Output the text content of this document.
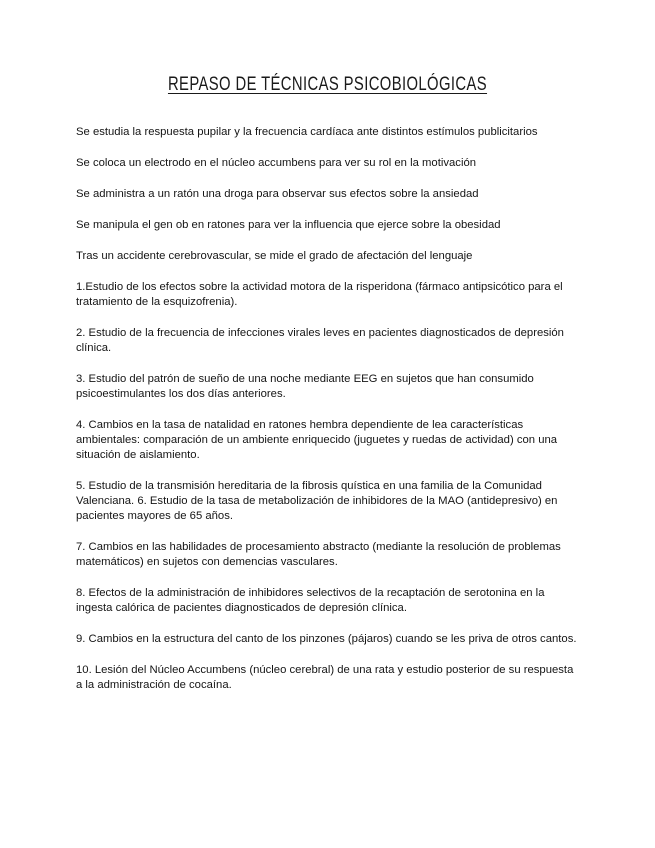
REPASO DE TÉCNICAS PSICOBIOLÓGICAS

Se estudia la respuesta pupilar y la frecuencia cardíaca ante distintos estímulos publicitarios

Se coloca un electrodo en el núcleo accumbens para ver su rol en la motivación

Se administra a un ratón una droga para observar sus efectos sobre la ansiedad

Se manipula el gen ob en ratones para ver la influencia que ejerce sobre la obesidad

Tras un accidente cerebrovascular, se mide el grado de afectación del lenguaje

1.Estudio de los efectos sobre la actividad motora de la risperidona (fármaco antipsicótico para el tratamiento de la esquizofrenia).

2. Estudio de la frecuencia de infecciones virales leves en pacientes diagnosticados de depresión clínica.

3. Estudio del patrón de sueño de una noche mediante EEG en sujetos que han consumido psicoestimulantes los dos días anteriores.

4. Cambios en la tasa de natalidad en ratones hembra dependiente de lea características ambientales: comparación de un ambiente enriquecido (juguetes y ruedas de actividad) con una situación de aislamiento.

5. Estudio de la transmisión hereditaria de la fibrosis quística en una familia de la Comunidad Valenciana. 6. Estudio de la tasa de metabolización de inhibidores de la MAO (antidepresivo) en pacientes mayores de 65 años.

7. Cambios en las habilidades de procesamiento abstracto (mediante la resolución de problemas matemáticos) en sujetos con demencias vasculares.

8. Efectos de la administración de inhibidores selectivos de la recaptación de serotonina en la ingesta calórica de pacientes diagnosticados de depresión clínica.

9. Cambios en la estructura del canto de los pinzones (pájaros) cuando se les priva de otros cantos.

10. Lesión del Núcleo Accumbens (núcleo cerebral) de una rata y estudio posterior de su respuesta a la administración de cocaína.
